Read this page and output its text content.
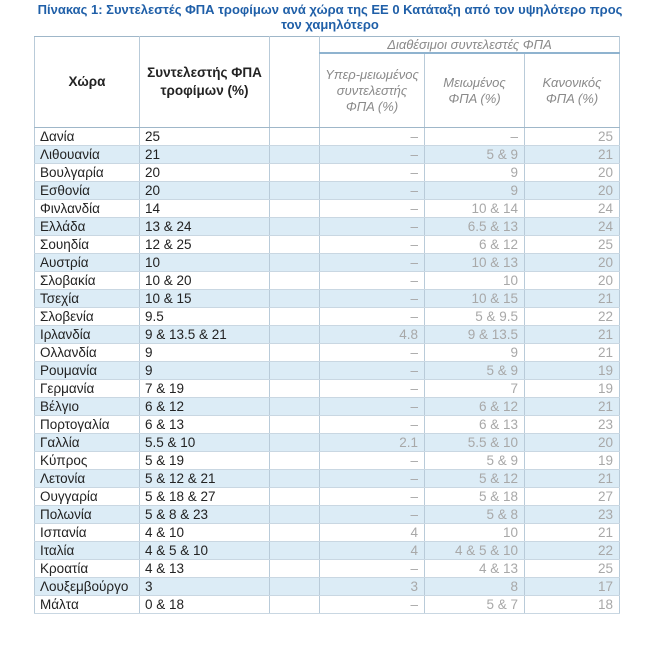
Πίνακας 1: Συντελεστές ΦΠΑ τροφίμων ανά χώρα της ΕΕ 0 Κατάταξη από τον υψηλότερο προς
τον χαμηλότερο
Χώρα	Συντελεστής ΦΠΑ τροφίμων (%)		Διαθέσιμοι συντελεστές ΦΠΑ		
			Υπερ-μειωμένος συντελεστής ΦΠΑ (%)	Μειωμένος ΦΠΑ (%)	Κανονικός ΦΠΑ (%)
Δανία	25		–	–	25
Λιθουανία	21		–	5 & 9	21
Βουλγαρία	20		–	9	20
Εσθονία	20		–	9	20
Φινλανδία	14		–	10 & 14	24
Ελλάδα	13 & 24		–	6.5 & 13	24
Σουηδία	12 & 25		–	6 & 12	25
Αυστρία	10		–	10 & 13	20
Σλοβακία	10 & 20		–	10	20
Τσεχία	10 & 15		–	10 & 15	21
Σλοβενία	9.5		–	5 & 9.5	22
Ιρλανδία	9 & 13.5 & 21		4.8	9 & 13.5	21
Ολλανδία	9		–	9	21
Ρουμανία	9		–	5 & 9	19
Γερμανία	7 & 19		–	7	19
Βέλγιο	6 & 12		–	6 & 12	21
Πορτογαλία	6 & 13		–	6 & 13	23
Γαλλία	5.5 & 10		2.1	5.5 & 10	20
Κύπρος	5 & 19		–	5 & 9	19
Λετονία	5 & 12 & 21		–	5 & 12	21
Ουγγαρία	5 & 18 & 27		–	5 & 18	27
Πολωνία	5 & 8 & 23		–	5 & 8	23
Ισπανία	4 & 10		4	10	21
Ιταλία	4 & 5 & 10		4	4 & 5 & 10	22
Κροατία	4 & 13		–	4 & 13	25
Λουξεμβούργο	3		3	8	17
Μάλτα	0 & 18		–	5 & 7	18
